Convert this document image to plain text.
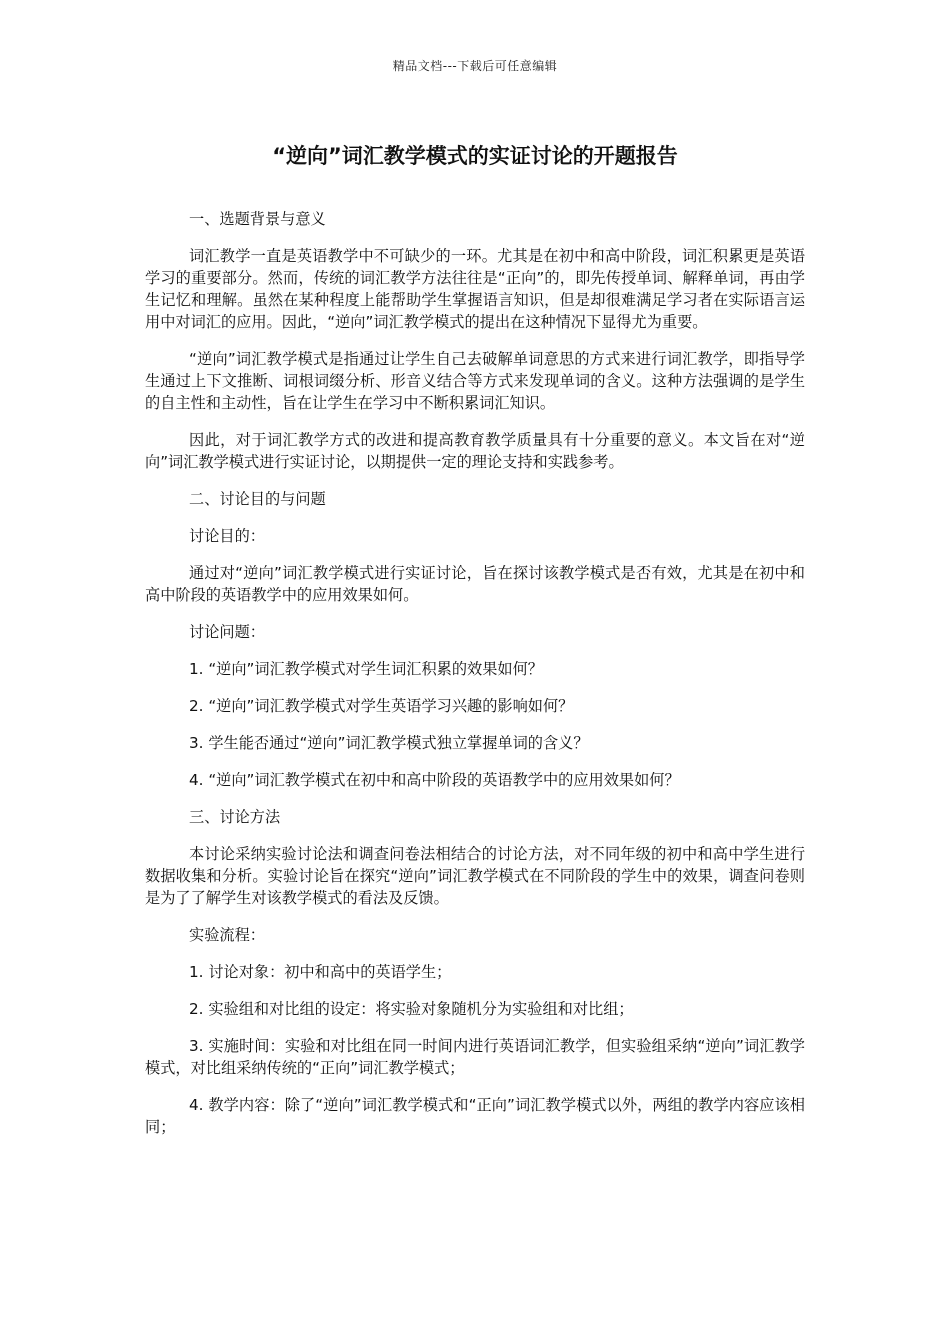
精品文档---下载后可任意编辑
“逆向”词汇教学模式的实证讨论的开题报告

一、选题背景与意义

词汇教学一直是英语教学中不可缺少的一环。尤其是在初中和高中阶段，词汇积累更是英语学习的重要部分。然而，传统的词汇教学方法往往是“正向”的，即先传授单词、解释单词，再由学生记忆和理解。虽然在某种程度上能帮助学生掌握语言知识，但是却很难满足学习者在实际语言运用中对词汇的应用。因此，“逆向”词汇教学模式的提出在这种情况下显得尤为重要。

“逆向”词汇教学模式是指通过让学生自己去破解单词意思的方式来进行词汇教学，即指导学生通过上下文推断、词根词缀分析、形音义结合等方式来发现单词的含义。这种方法强调的是学生的自主性和主动性，旨在让学生在学习中不断积累词汇知识。

因此，对于词汇教学方式的改进和提高教育教学质量具有十分重要的意义。本文旨在对“逆向”词汇教学模式进行实证讨论，以期提供一定的理论支持和实践参考。

二、讨论目的与问题

讨论目的：

通过对“逆向”词汇教学模式进行实证讨论，旨在探讨该教学模式是否有效，尤其是在初中和高中阶段的英语教学中的应用效果如何。

讨论问题：

1. “逆向”词汇教学模式对学生词汇积累的效果如何？

2. “逆向”词汇教学模式对学生英语学习兴趣的影响如何？

3. 学生能否通过“逆向”词汇教学模式独立掌握单词的含义？

4. “逆向”词汇教学模式在初中和高中阶段的英语教学中的应用效果如何？

三、讨论方法

本讨论采纳实验讨论法和调查问卷法相结合的讨论方法，对不同年级的初中和高中学生进行数据收集和分析。实验讨论旨在探究“逆向”词汇教学模式在不同阶段的学生中的效果，调查问卷则是为了了解学生对该教学模式的看法及反馈。

实验流程：

1. 讨论对象：初中和高中的英语学生；

2. 实验组和对比组的设定：将实验对象随机分为实验组和对比组；

3. 实施时间：实验和对比组在同一时间内进行英语词汇教学，但实验组采纳“逆向”词汇教学模式，对比组采纳传统的“正向”词汇教学模式；

4. 教学内容：除了“逆向”词汇教学模式和“正向”词汇教学模式以外，两组的教学内容应该相同；
